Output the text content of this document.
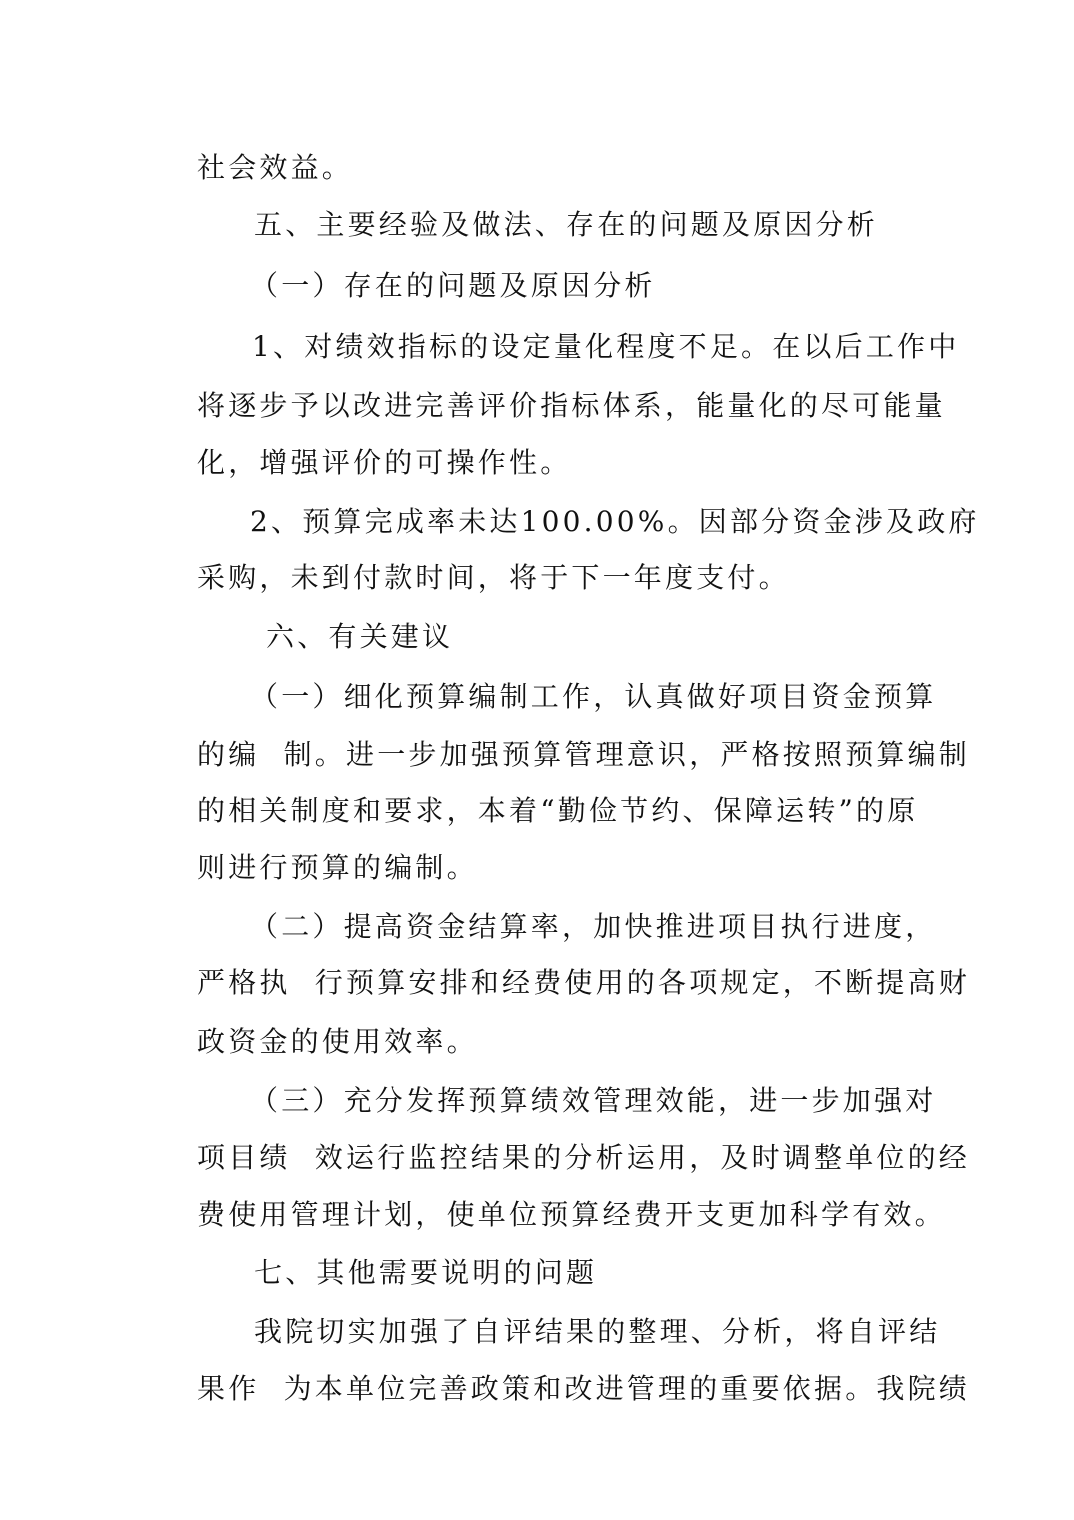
社会效益。
五、主要经验及做法、存在的问题及原因分析
（一）存在的问题及原因分析
1、对绩效指标的设定量化程度不足。在以后工作中
将逐步予以改进完善评价指标体系，能量化的尽可能量
化，增强评价的可操作性。
2、预算完成率未达100.00%。因部分资金涉及政府
采购，未到付款时间，将于下一年度支付。
六、有关建议
（一）细化预算编制工作，认真做好项目资金预算
的编  制。进一步加强预算管理意识，严格按照预算编制
的相关制度和要求，本着“勤俭节约、保障运转”的原
则进行预算的编制。
（二）提高资金结算率，加快推进项目执行进度，
严格执  行预算安排和经费使用的各项规定，不断提高财
政资金的使用效率。
（三）充分发挥预算绩效管理效能，进一步加强对
项目绩  效运行监控结果的分析运用，及时调整单位的经
费使用管理计划，使单位预算经费开支更加科学有效。
七、其他需要说明的问题
我院切实加强了自评结果的整理、分析，将自评结
果作  为本单位完善政策和改进管理的重要依据。我院绩
